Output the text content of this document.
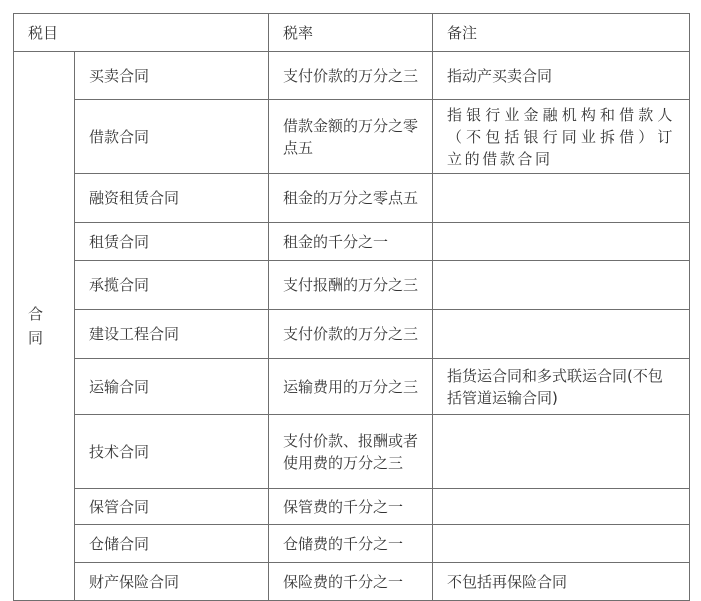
税目		税率	备注

合同	买卖合同	支付价款的万分之三	指动产买卖合同
	借款合同	借款金额的万分之零点五	指银行业金融机构和借款人（不包括银行同业拆借）订立的借款合同
	融资租赁合同	租金的万分之零点五	
	租赁合同	租金的千分之一	
	承揽合同	支付报酬的万分之三	
	建设工程合同	支付价款的万分之三	
	运输合同	运输费用的万分之三	指货运合同和多式联运合同(不包括管道运输合同)
	技术合同	支付价款、报酬或者使用费的万分之三	
	保管合同	保管费的千分之一	
	仓储合同	仓储费的千分之一	
	财产保险合同	保险费的千分之一	不包括再保险合同
